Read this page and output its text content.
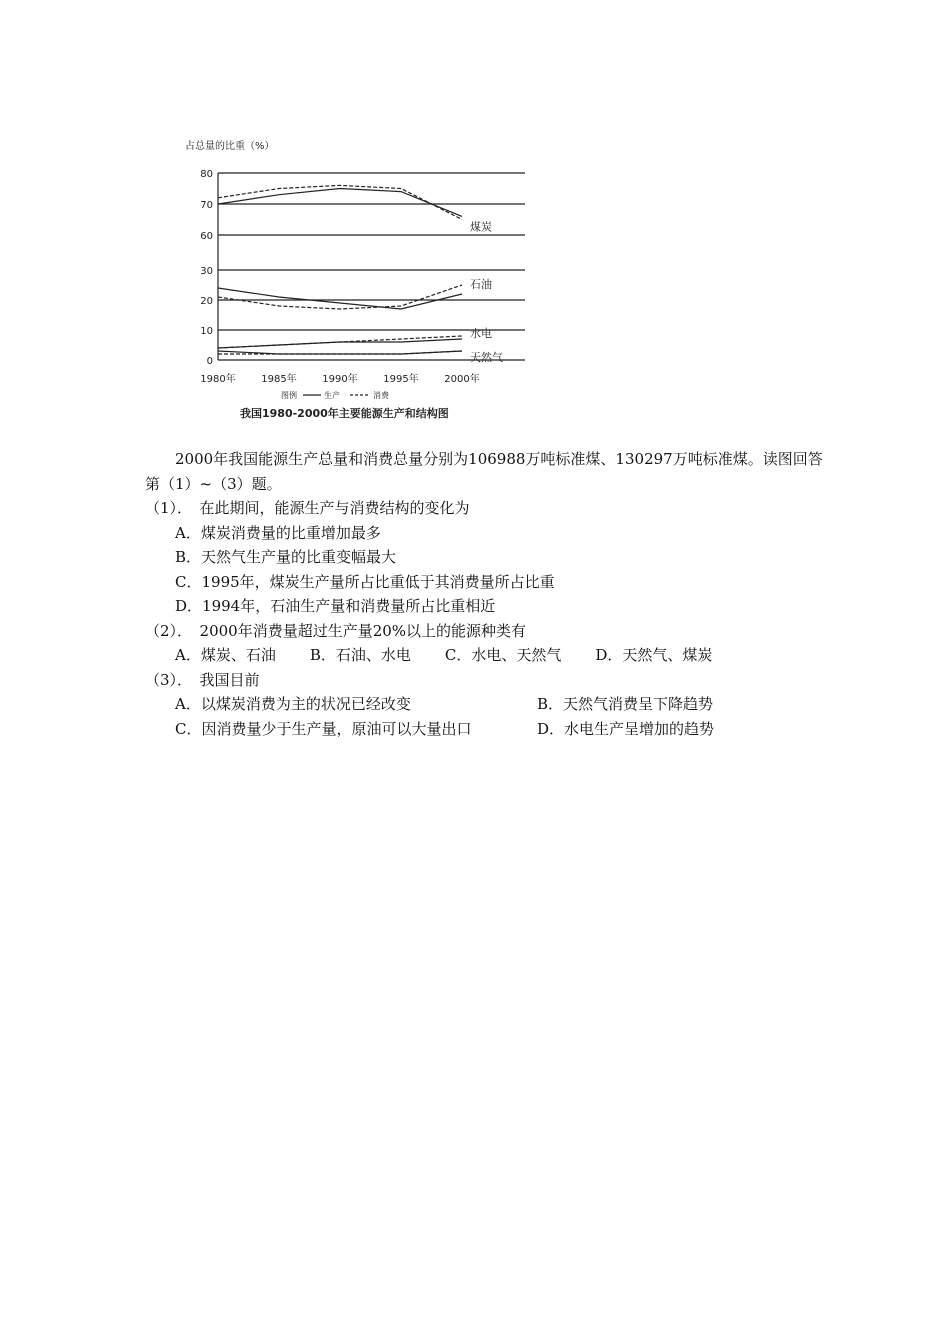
占总量的比重（%）
0
10
20
30
60
70
80
1980年	1985年	1990年	1995年	2000年
煤炭
石油
水电
天然气
图例	生产	消费
我国1980-2000年主要能源生产和结构图

2000年我国能源生产总量和消费总量分别为106988万吨标准煤、130297万吨标准煤。读图回答第（1）~（3）题。

（1）．　在此期间，能源生产与消费结构的变化为

A．煤炭消费量的比重增加最多

B．天然气生产量的比重变幅最大

C．1995年，煤炭生产量所占比重低于其消费量所占比重

D．1994年，石油生产量和消费量所占比重相近

（2）．　2000年消费量超过生产量20%以上的能源种类有

A．煤炭、石油 B．石油、水电 C．水电、天然气 D．天然气、煤炭

（3）．　我国目前

A．以煤炭消费为主的状况已经改变	B．天然气消费呈下降趋势

C．因消费量少于生产量，原油可以大量出口	D．水电生产呈增加的趋势
